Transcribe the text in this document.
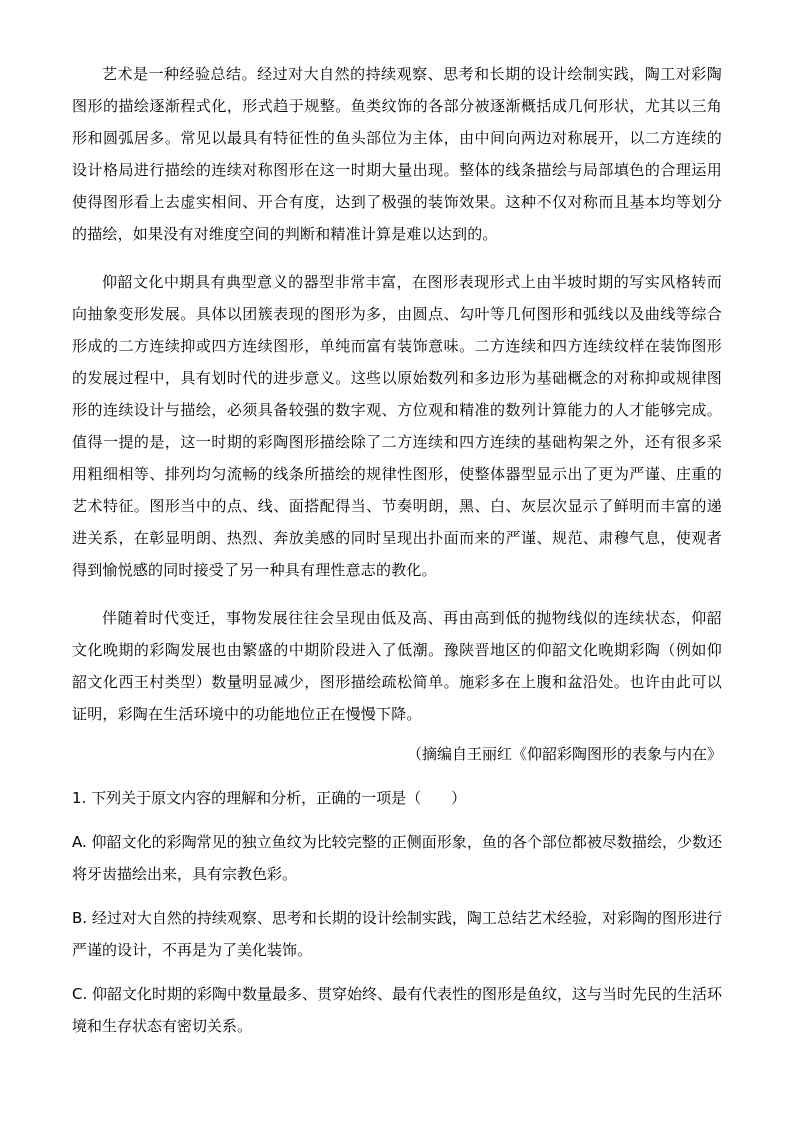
艺术是一种经验总结。经过对大自然的持续观察、思考和长期的设计绘制实践，陶工对彩陶图形的描绘逐渐程式化，形式趋于规整。鱼类纹饰的各部分被逐渐概括成几何形状，尤其以三角形和圆弧居多。常见以最具有特征性的鱼头部位为主体，由中间向两边对称展开，以二方连续的设计格局进行描绘的连续对称图形在这一时期大量出现。整体的线条描绘与局部填色的合理运用使得图形看上去虚实相间、开合有度，达到了极强的装饰效果。这种不仅对称而且基本均等划分的描绘，如果没有对维度空间的判断和精准计算是难以达到的。

仰韶文化中期具有典型意义的器型非常丰富，在图形表现形式上由半坡时期的写实风格转而向抽象变形发展。具体以团簇表现的图形为多，由圆点、勾叶等几何图形和弧线以及曲线等综合形成的二方连续抑或四方连续图形，单纯而富有装饰意味。二方连续和四方连续纹样在装饰图形的发展过程中，具有划时代的进步意义。这些以原始数列和多边形为基础概念的对称抑或规律图形的连续设计与描绘，必须具备较强的数字观、方位观和精准的数列计算能力的人才能够完成。值得一提的是，这一时期的彩陶图形描绘除了二方连续和四方连续的基础构架之外，还有很多采用粗细相等、排列均匀流畅的线条所描绘的规律性图形，使整体器型显示出了更为严谨、庄重的艺术特征。图形当中的点、线、面搭配得当、节奏明朗，黑、白、灰层次显示了鲜明而丰富的递进关系，在彰显明朗、热烈、奔放美感的同时呈现出扑面而来的严谨、规范、肃穆气息，使观者得到愉悦感的同时接受了另一种具有理性意志的教化。

伴随着时代变迁，事物发展往往会呈现由低及高、再由高到低的抛物线似的连续状态，仰韶文化晚期的彩陶发展也由繁盛的中期阶段进入了低潮。豫陕晋地区的仰韶文化晚期彩陶（例如仰韶文化西王村类型）数量明显减少，图形描绘疏松简单。施彩多在上腹和盆沿处。也许由此可以证明，彩陶在生活环境中的功能地位正在慢慢下降。

（摘编自王丽红《仰韶彩陶图形的表象与内在》

1. 下列关于原文内容的理解和分析，正确的一项是（　　）

A. 仰韶文化的彩陶常见的独立鱼纹为比较完整的正侧面形象，鱼的各个部位都被尽数描绘，少数还将牙齿描绘出来，具有宗教色彩。

B. 经过对大自然的持续观察、思考和长期的设计绘制实践，陶工总结艺术经验，对彩陶的图形进行严谨的设计，不再是为了美化装饰。

C. 仰韶文化时期的彩陶中数量最多、贯穿始终、最有代表性的图形是鱼纹，这与当时先民的生活环境和生存状态有密切关系。
